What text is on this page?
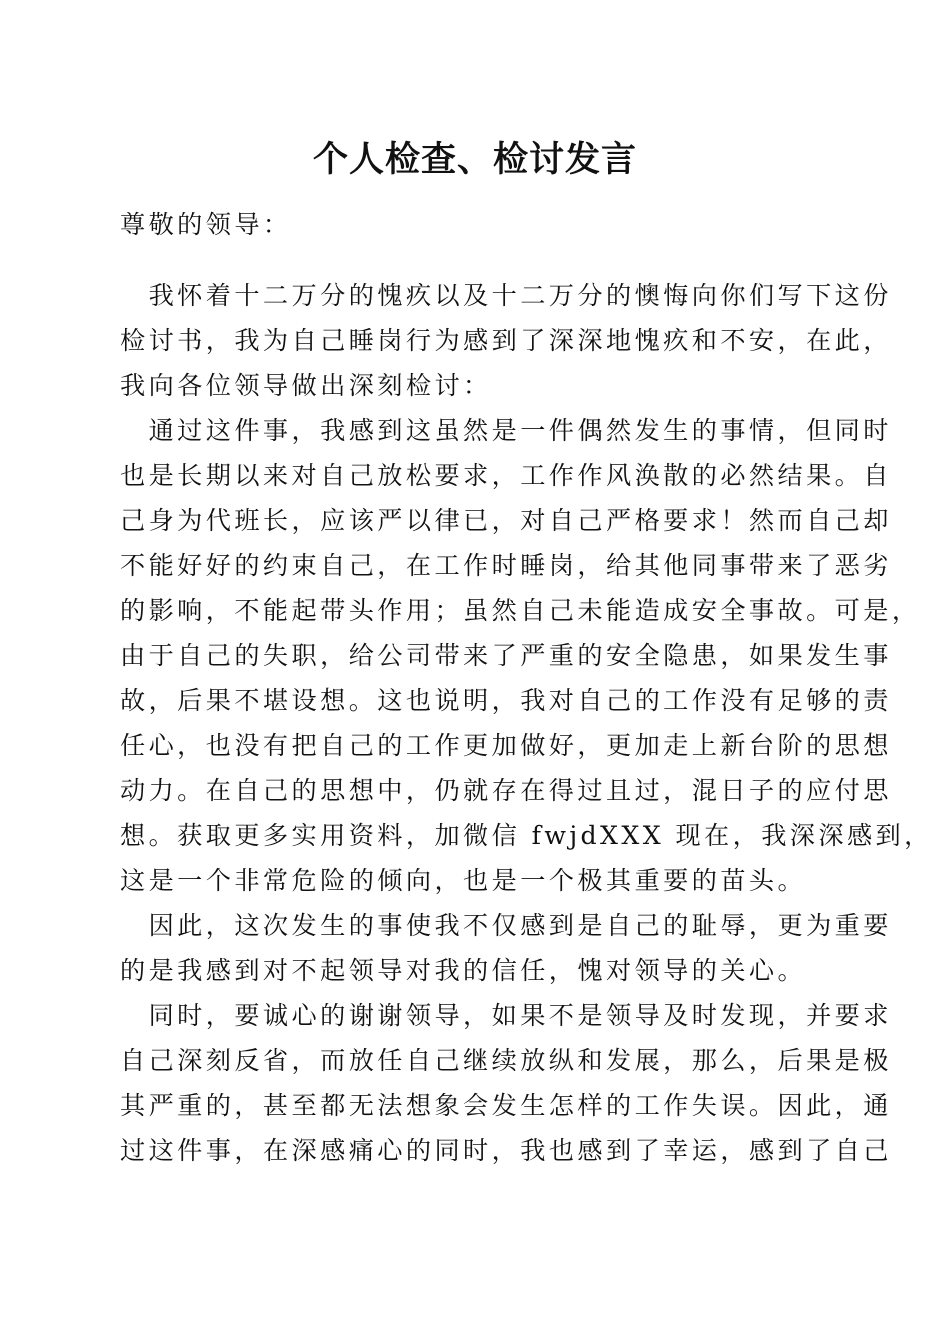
个人检查、检讨发言
尊敬的领导：
　我怀着十二万分的愧疚以及十二万分的懊悔向你们写下这份
检讨书，我为自己睡岗行为感到了深深地愧疚和不安，在此，
我向各位领导做出深刻检讨：
　通过这件事，我感到这虽然是一件偶然发生的事情，但同时
也是长期以来对自己放松要求，工作作风涣散的必然结果。自
己身为代班长，应该严以律已，对自己严格要求！然而自己却
不能好好的约束自己，在工作时睡岗，给其他同事带来了恶劣
的影响，不能起带头作用；虽然自己未能造成安全事故。可是，
由于自己的失职，给公司带来了严重的安全隐患，如果发生事
故，后果不堪设想。这也说明，我对自己的工作没有足够的责
任心，也没有把自己的工作更加做好，更加走上新台阶的思想
动力。在自己的思想中，仍就存在得过且过，混日子的应付思
想。获取更多实用资料，加微信 fwjdXXX 现在，我深深感到，
这是一个非常危险的倾向，也是一个极其重要的苗头。
　因此，这次发生的事使我不仅感到是自己的耻辱，更为重要
的是我感到对不起领导对我的信任，愧对领导的关心。
　同时，要诚心的谢谢领导，如果不是领导及时发现，并要求
自己深刻反省，而放任自己继续放纵和发展，那么，后果是极
其严重的，甚至都无法想象会发生怎样的工作失误。因此，通
过这件事，在深感痛心的同时，我也感到了幸运，感到了自己
